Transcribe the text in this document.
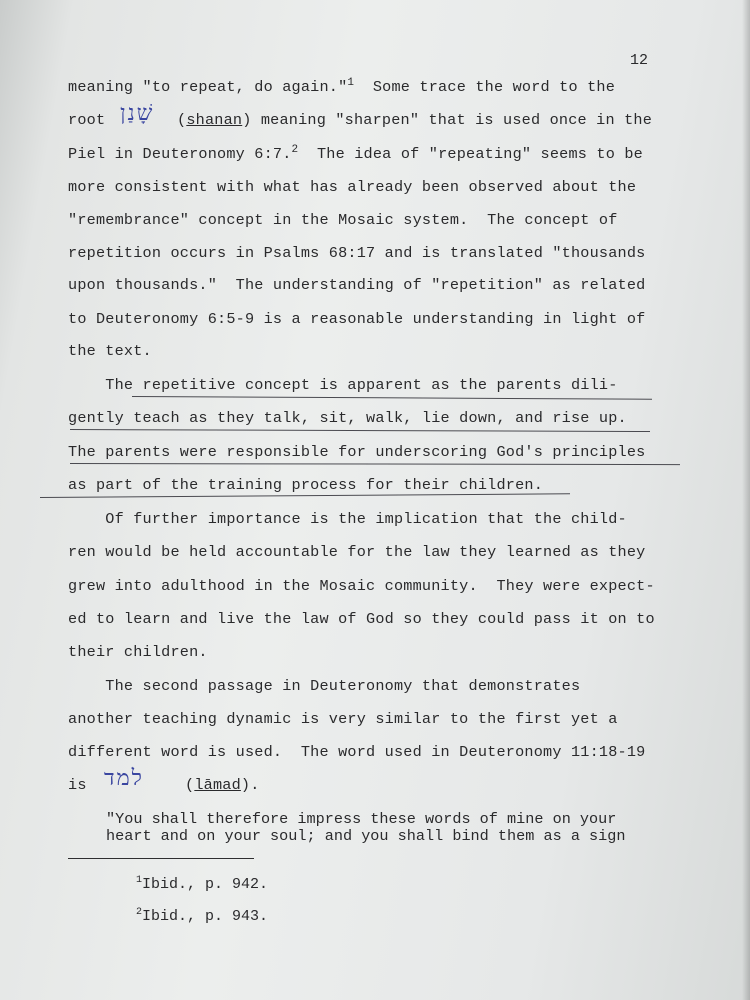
12
meaning "to repeat, do again."$^1$  Some trace the word to the
root שָׁנַן (shanan) meaning "sharpen" that is used once in the
Piel in Deuteronomy 6:7.$^2$  The idea of "repeating" seems to be
more consistent with what has already been observed about the
"remembrance" concept in the Mosaic system.  The concept of
repetition occurs in Psalms 68:17 and is translated "thousands
upon thousands."  The understanding of "repetition" as related
to Deuteronomy 6:5-9 is a reasonable understanding in light of
the text.
The repetitive concept is apparent as the parents dili-
gently teach as they talk, sit, walk, lie down, and rise up.
The parents were responsible for underscoring God's principles
as part of the training process for their children.
Of further importance is the implication that the child-
ren would be held accountable for the law they learned as they
grew into adulthood in the Mosaic community.  They were expect-
ed to learn and live the law of God so they could pass it on to
their children.
The second passage in Deuteronomy that demonstrates
another teaching dynamic is very similar to the first yet a
different word is used.  The word used in Deuteronomy 11:18-19
is למד	(lāmad).
"You shall therefore impress these words of mine on your
heart and on your soul; and you shall bind them as a sign
$^1$Ibid., p. 942.
$^2$Ibid., p. 943.
